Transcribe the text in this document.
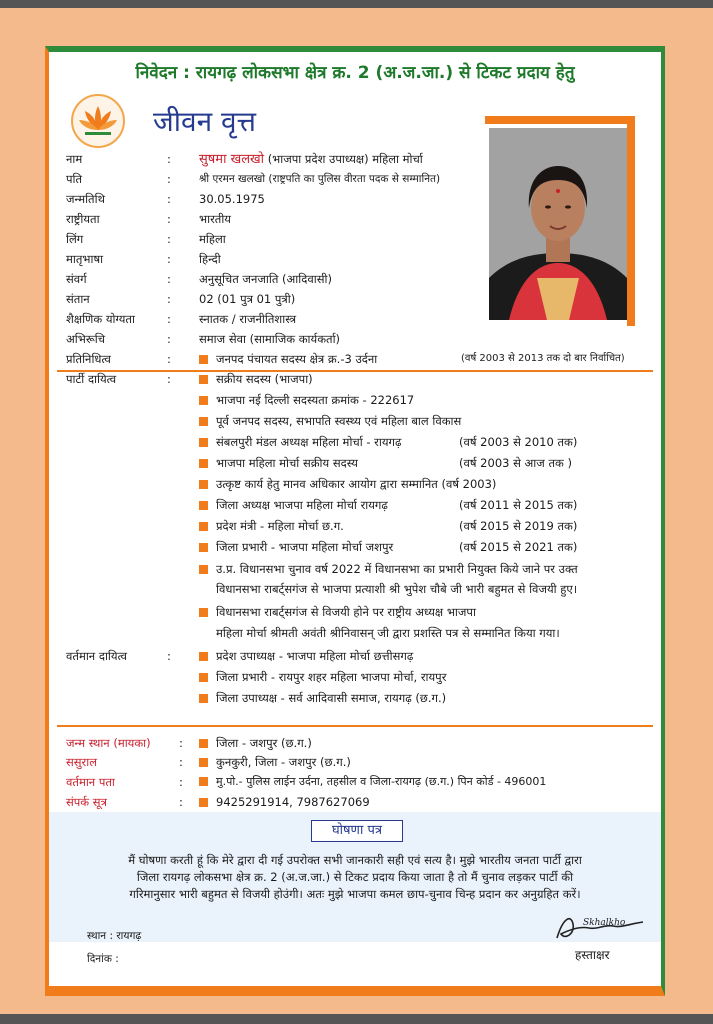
निवेदन : रायगढ़ लोकसभा क्षेत्र क्र. 2 (अ.ज.जा.) से टिकट प्रदाय हेतु
जीवन वृत्त
नाम	: सुषमा खलखो (भाजपा प्रदेश उपाध्यक्ष) महिला मोर्चा
पति	:	श्री एरमन खलखो (राष्ट्रपति का पुलिस वीरता पदक से सम्मानित)
जन्मतिथि	: 30.05.1975
राष्ट्रीयता	: भारतीय
लिंग	: महिला
मातृभाषा	: हिन्दी
संवर्ग	: अनुसूचित जनजाति (आदिवासी)
संतान	: 02 (01 पुत्र 01 पुत्री)
शैक्षणिक योग्यता	: स्नातक / राजनीतिशास्त्र
अभिरूचि	: समाज सेवा (सामाजिक कार्यकर्ता)
प्रतिनिधित्व	:	जनपद पंचायत सदस्य क्षेत्र क्र.-3 उर्दना	(वर्ष 2003 से 2013 तक दो बार निर्वाचित)
पार्टी दायित्व	:	सक्रीय सदस्य (भाजपा)
भाजपा नई दिल्ली सदस्यता क्रमांक - 222617
पूर्व जनपद सदस्य, सभापति स्वस्थ्य एवं महिला बाल विकास
संबलपुरी मंडल अध्यक्ष महिला मोर्चा - रायगढ़	(वर्ष 2003 से 2010 तक)
भाजपा महिला मोर्चा सक्रीय सदस्य	(वर्ष 2003 से आज तक )
उत्कृष्ट कार्य हेतु मानव अधिकार आयोग द्वारा सम्मानित (वर्ष 2003)
जिला अध्यक्ष भाजपा महिला मोर्चा रायगढ़	(वर्ष 2011 से 2015 तक)
प्रदेश मंत्री - महिला मोर्चा छ.ग.	(वर्ष 2015 से 2019 तक)
जिला प्रभारी - भाजपा महिला मोर्चा जशपुर	(वर्ष 2015 से 2021 तक)
उ.प्र. विधानसभा चुनाव वर्ष 2022 में विधानसभा का प्रभारी नियुक्त किये जाने पर उक्त
विधानसभा राबर्ट्सगंज से भाजपा प्रत्याशी श्री भुपेश चौबे जी भारी बहुमत से विजयी हुए।
विधानसभा राबर्ट्सगंज से विजयी होने पर राष्ट्रीय अध्यक्ष भाजपा
महिला मोर्चा श्रीमती अवंती श्रीनिवासन् जी द्वारा प्रशस्ति पत्र से सम्मानित किया गया।
वर्तमान दायित्व	:	प्रदेश उपाध्यक्ष - भाजपा महिला मोर्चा छत्तीसगढ़
जिला प्रभारी - रायपुर शहर महिला भाजपा मोर्चा, रायपुर
जिला उपाध्यक्ष - सर्व आदिवासी समाज, रायगढ़ (छ.ग.)
जन्म स्थान (मायका) :	जिला - जशपुर (छ.ग.)
ससुराल	:	कुनकुरी, जिला - जशपुर (छ.ग.)
वर्तमान पता	:	मु.पो.- पुलिस लाईन उर्दना, तहसील व जिला-रायगढ़ (छ.ग.) पिन कोर्ड - 496001
संपर्क सूत्र	:	9425291914, 7987627069
घोषणा पत्र
मैं घोषणा करती हूं कि मेरे द्वारा दी गई उपरोक्त सभी जानकारी सही एवं सत्य है। मुझे भारतीय जनता पार्टी द्वारा
जिला रायगढ़ लोकसभा क्षेत्र क्र. 2 (अ.ज.जा.) से टिकट प्रदाय किया जाता है तो मैं चुनाव लड़कर पार्टी की
गरिमानुसार भारी बहुमत से विजयी होउंगी। अतः मुझे भाजपा कमल छाप-चुनाव चिन्ह प्रदान कर अनुग्रहित करें।
स्थान : रायगढ़
दिनांक :
Skhalkho
हस्ताक्षर
